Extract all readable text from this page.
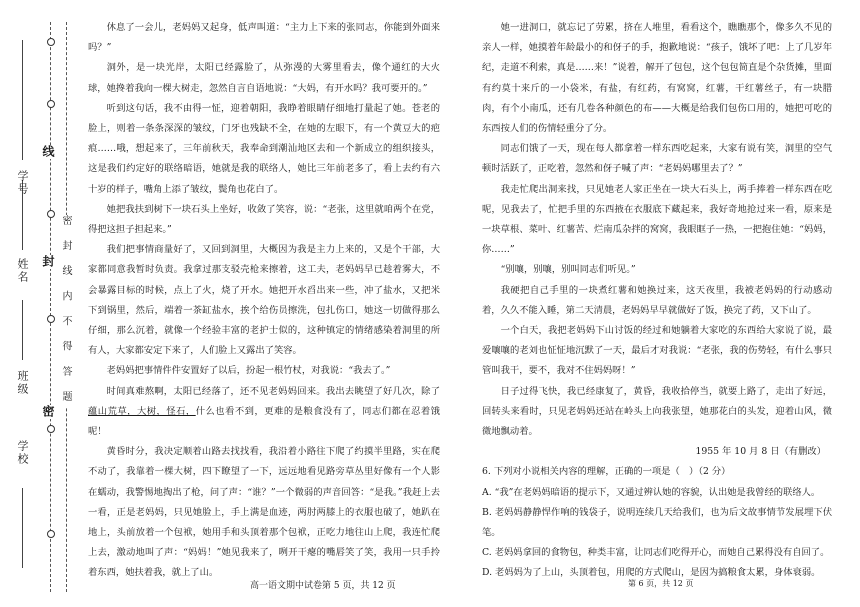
学校
班级
姓名
学号
线
封
密
密 封 线 内 不 得 答 题

休息了一会儿，老妈妈又起身，低声叫道：“主力上下来的张同志，你能到外面来吗？”

洞外，是一块光岸，太阳已经露脸了，从弥漫的大雾里看去，像个通红的大火球，她搀着我向一棵大树走，忽然自言自语地说：“大妈，有开水吗？我可要开的。”

听到这句话，我不由得一怔，迎着朝阳，我睁着眼睛仔细地打量起了她。苍老的脸上，则着一条条深深的皱纹，门牙也残缺不全，在她的左眼下，有一个黄豆大的疤痕……哦，想起来了，三年前秋天，我奉命到潮汕地区去和一个新成立的组织接头，这是我们约定好的联络暗语，她就是我的联络人，她比三年前老多了，看上去约有六十岁的样子，嘴角上添了皱纹，鬓角也花白了。

她把我扶到树下一块石头上坐好，收敛了笑容，说：“老张，这里就咱两个在党，得把这担子担起来。”

我们把事情商量好了，又回到洞里，大概因为我是主力上来的，又是个干部，大家都同意我暂时负责。我拿过那支驳壳枪来擦着，这工夫，老妈妈早已趁着雾大，不会暴露目标的时候，点上了火，烧了开水。她把开水舀出来一些，冲了盐水，又把米下到锅里，然后，端着一茶缸盐水，挨个给伤员擦洗，包扎伤口，她这一切做得那么仔细，那么沉着，就像一个经验丰富的老护士似的，这种镇定的情绪感染着洞里的所有人，大家都安定下来了，人们脸上又露出了笑容。

老妈妈把事情件件安置好了以后，扮起一根竹杖，对我说：“我去了。”

时间真难熬啊，太阳已经落了，还不见老妈妈回来。我出去眺望了好几次，除了蘊山荒草，大树，怪石，什么也看不到，更难的是粮食没有了，同志们都在忍着饿呢！

黄昏时分，我决定顺着山路去找找看，我沿着小路往下爬了约摸半里路，实在爬不动了，我靠着一棵大树，四下瞭望了一下，远远地看见路旁草丛里好像有一个人影在蠕动，我警惕地掏出了枪，问了声：“谁？”一个微弱的声音回答：“是我。”我赶上去一看，正是老妈妈，只见她脸上，手上满是血迹，两肘两膝上的衣服也破了，她趴在地上，头前放着一个包袱，她用手和头顶着那个包袱，正吃力地往山上爬，我连忙爬上去，激动地叫了声：“妈妈！”她见我来了，咧开干瘪的嘴唇笑了笑，我用一只手拎着东西，她扶着我，就上了山。

她一进洞口，就忘记了劳累，挤在人堆里，看看这个，瞧瞧那个，像多久不见的亲人一样，她摸着年龄最小的和伢子的手，抱歉地说：“孩子，饿坏了吧：上了几岁年纪，走道不利索，真是……来！”说着，解开了包包，这个包包简直是个杂货摊，里面有约莫十来斤的一小袋米，有盐，有红药，有窝窝，红薯，干红薯丝子，有一块腊肉，有个小南瓜，还有几卷各种颜色的布——大概是给我们包伤口用的，她把可吃的东西按人们的伤情轻重分了分。

同志们饿了一天，现在每人都拿着一样东西吃起来，大家有说有笑，洞里的空气顿时活跃了，正吃着，忽然和伢子喊了声：“老妈妈哪里去了？”

我走忙爬出洞来找，只见她老人家正坐在一块大石头上，两手捧着一样东西在吃呢，见我去了，忙把手里的东西掖在衣服底下藏起来，我好奇地抢过来一看，原来是一块草根、菜叶、红薯苦、烂南瓜杂拌的窝窝，我眼眶子一热，一把抱住她：“妈妈，你……”

“别嚷，别嚷，别叫同志们听见。”

我硬把自己手里的一块煮红薯和她换过来，这天夜里，我被老妈妈的行动感动着，久久不能入睡，第二天清晨，老妈妈早早就做好了饭，换完了药，又下山了。

一个白天，我把老妈妈下山讨饭的经过和她躺着大家吃的东西给大家说了说，最爱嚷嚷的老刘也怔怔地沉默了一天，最后才对我说：“老张，我的伤势轻，有什么事只管叫我干，要不，我对不住妈妈呀！”

日子过得飞快，我已经康复了，黄昏，我收拾停当，就要上路了，走出了好远，回转头来看时，只见老妈妈还站在岭头上向我张望，她那花白的头发，迎着山风，微微地飘动着。

1955 年 10 月 8 日（有删改）

6. 下列对小说相关内容的理解，正确的一项是（　）（2 分）

A. “我”在老妈妈暗语的提示下，又通过辨认她的容貌，认出她是我曾经的联络人。

B. 老妈妈静静悍作响的钱袋子，说明连续几天给我们，也为后文故事情节发展埋下伏笔。

C. 老妈妈拿回的食物包，种类丰富，让同志们吃得开心，而她自己累得没有自回了。

D. 老妈妈为了上山，头顶着包，用爬的方式爬山，是因为搞粮食太累，身体衰弱。

高一语文期中试卷第 5 页，共 12 页	第 6 页，共 12 页
